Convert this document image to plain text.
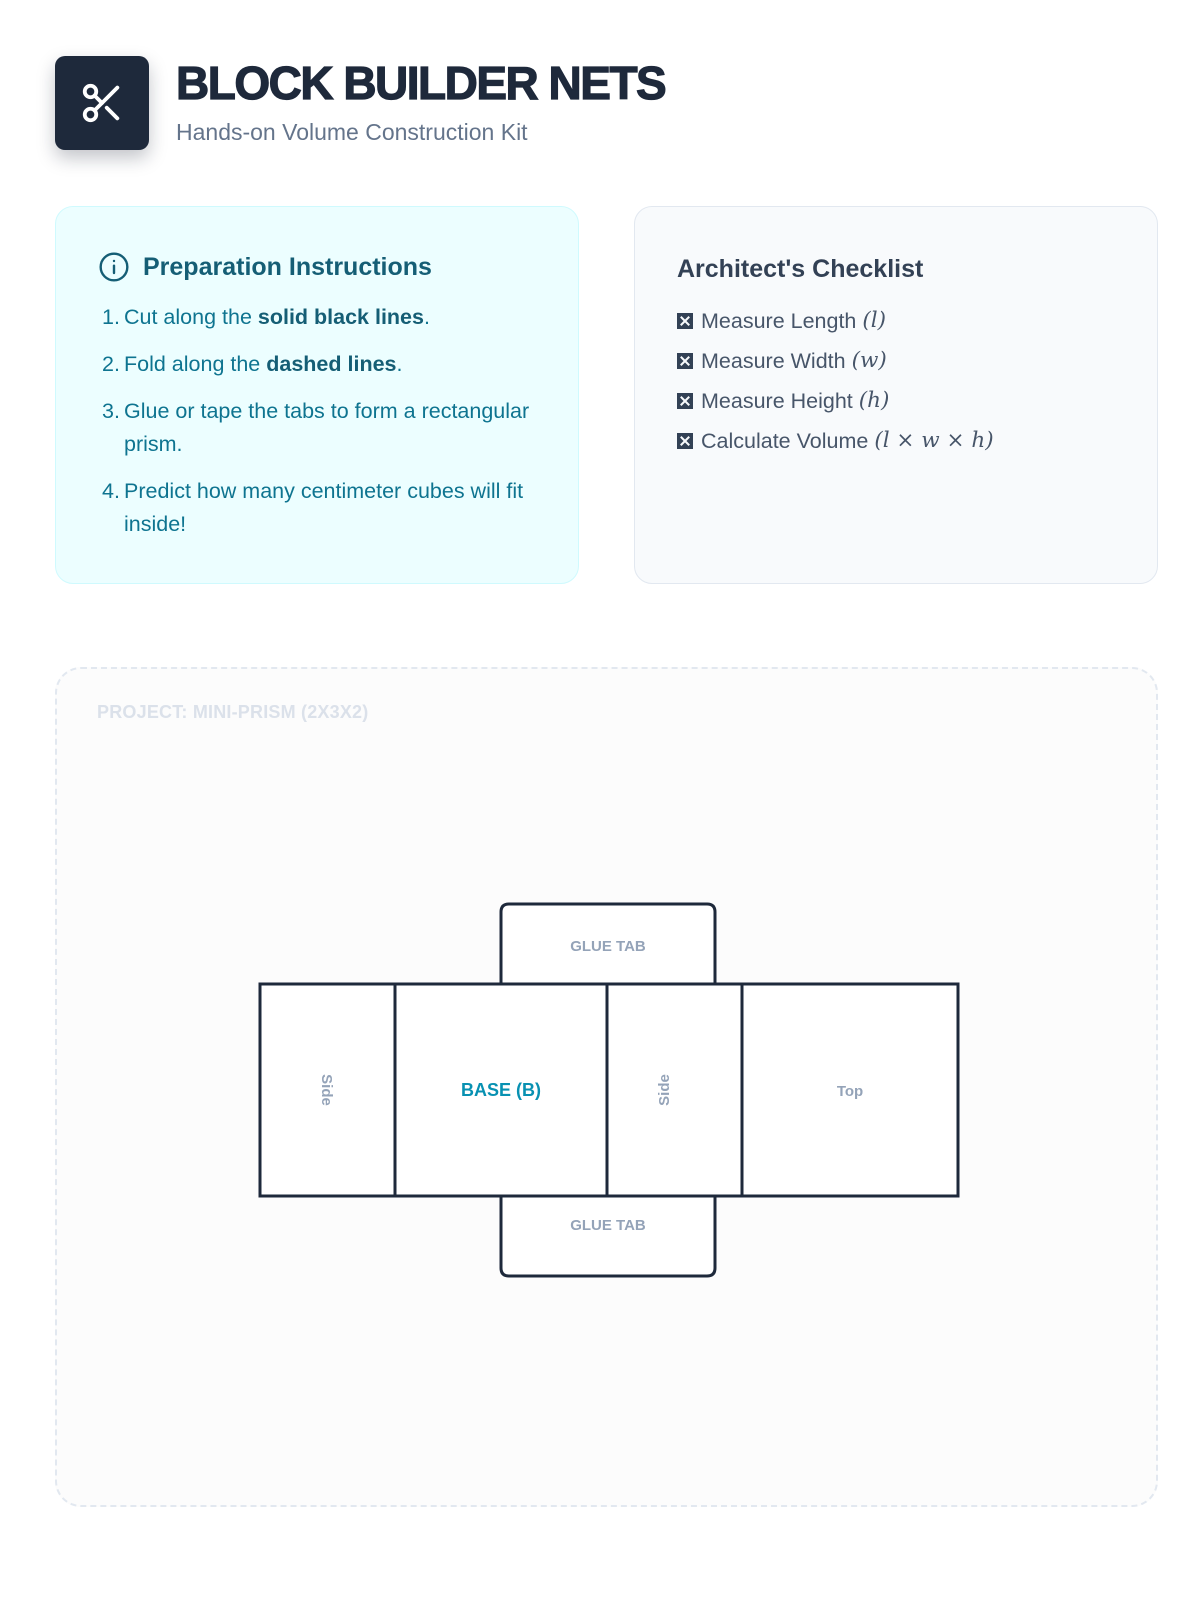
BLOCK BUILDER NETS
Hands-on Volume Construction Kit
Preparation Instructions
1. Cut along the solid black lines.
2. Fold along the dashed lines.
3. Glue or tape the tabs to form a rectangular prism.
4. Predict how many centimeter cubes will fit inside!
Architect's Checklist
Measure Length
(l)
Measure Width
(w)
Measure Height
(h)
Calculate Volume
(l × w × h)
PROJECT: MINI-PRISM (2X3X2)
GLUE TAB
GLUE TAB
Side	BASE (B)	Side	Top
